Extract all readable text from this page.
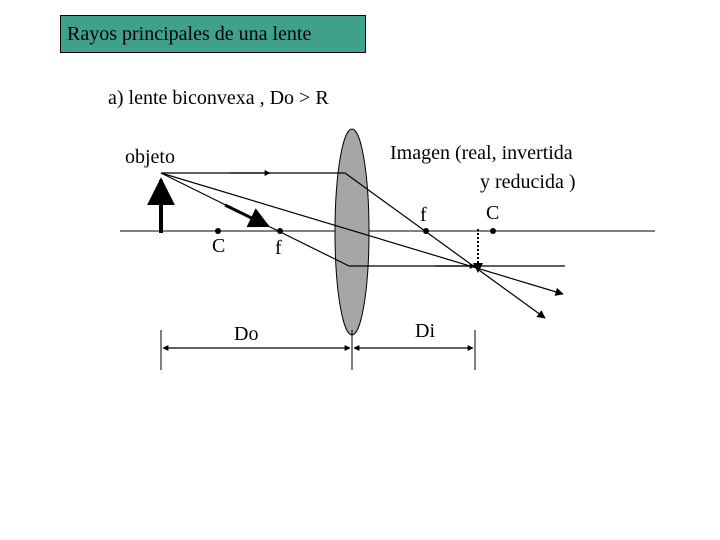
Rayos principales de una lente
a) lente biconvexa , Do > R
objeto	Imagen (real, invertida
y reducida )
f	C
C f
Do	Di
